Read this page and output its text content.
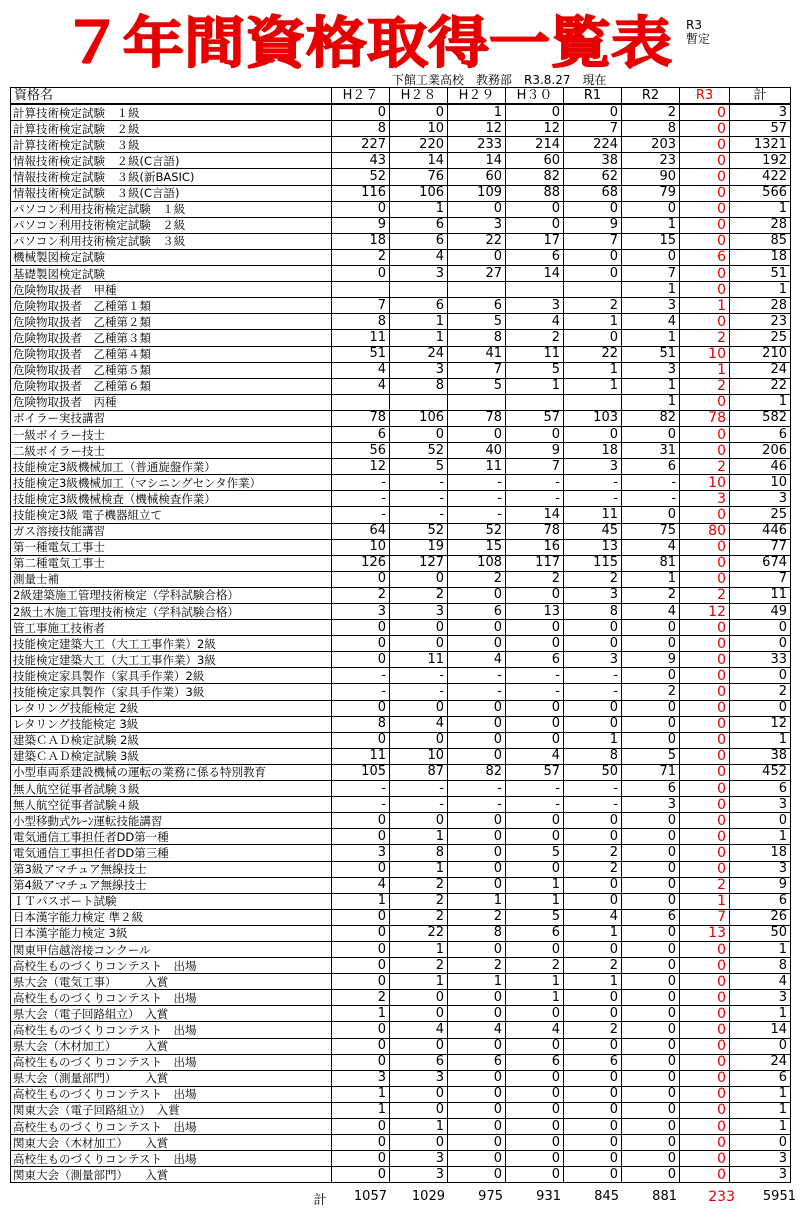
７年間資格取得一覧表 R3
暫定
下館工業高校　教務部　R3.8.27　現在
資格名	H２７	H２８	H２９	H３０	R1	R2	R3	計
計算技術検定試験　１級	0	0	1	0	0	2	0	3
計算技術検定試験　２級	8	10	12	12	7	8	0	57
計算技術検定試験　３級	227	220	233	214	224	203	0	1321
情報技術検定試験　２級(C言語)	43	14	14	60	38	23	0	192
情報技術検定試験　３級(新BASIC)	52	76	60	82	62	90	0	422
情報技術検定試験　３級(C言語)	116	106	109	88	68	79	0	566
パソコン利用技術検定試験　１級	0	1	0	0	0	0	0	1
パソコン利用技術検定試験　２級	9	6	3	0	9	1	0	28
パソコン利用技術検定試験　３級	18	6	22	17	7	15	0	85
機械製図検定試験	2	4	0	6	0	0	6	18
基礎製図検定試験	0	3	27	14	0	7	0	51
危険物取扱者　甲種						1	0	1
危険物取扱者　乙種第１類	7	6	6	3	2	3	1	28
危険物取扱者　乙種第２類	8	1	5	4	1	4	0	23
危険物取扱者　乙種第３類	11	1	8	2	0	1	2	25
危険物取扱者　乙種第４類	51	24	41	11	22	51	10	210
危険物取扱者　乙種第５類	4	3	7	5	1	3	1	24
危険物取扱者　乙種第６類	4	8	5	1	1	1	2	22
危険物取扱者　丙種						1	0	1
ボイラー実技講習	78	106	78	57	103	82	78	582
一級ボイラー技士	6	0	0	0	0	0	0	6
二級ボイラー技士	56	52	40	9	18	31	0	206
技能検定3級機械加工（普通旋盤作業）	12	5	11	7	3	6	2	46
技能検定3級機械加工（マシニングセンタ作業）	-	-	-	-	-	-	10	10
技能検定3級機械検査（機械検査作業）	-	-	-	-	-	-	3	3
技能検定3級 電子機器組立て	-	-	-	14	11	0	0	25
ガス溶接技能講習	64	52	52	78	45	75	80	446
第一種電気工事士	10	19	15	16	13	4	0	77
第二種電気工事士	126	127	108	117	115	81	0	674
測量士補	0	0	2	2	2	1	0	7
2級建築施工管理技術検定（学科試験合格）	2	2	0	0	3	2	2	11
2級土木施工管理技術検定（学科試験合格）	3	3	6	13	8	4	12	49
管工事施工技術者	0	0	0	0	0	0	0	0
技能検定建築大工（大工工事作業）2級	0	0	0	0	0	0	0	0
技能検定建築大工（大工工事作業）3級	0	11	4	6	3	9	0	33
技能検定家具製作（家具手作業）2級	-	-	-	-	-	0	0	0
技能検定家具製作（家具手作業）3級	-	-	-	-	-	2	0	2
レタリング技能検定 2級	0	0	0	0	0	0	0	0
レタリング技能検定 3級	8	4	0	0	0	0	0	12
建築ＣＡＤ検定試験 2級	0	0	0	0	1	0	0	1
建築ＣＡＤ検定試験 3級	11	10	0	4	8	5	0	38
小型車両系建設機械の運転の業務に係る特別教育	105	87	82	57	50	71	0	452
無人航空従事者試験３級	-	-	-	-	-	6	0	6
無人航空従事者試験４級	-	-	-	-	-	3	0	3
小型移動式ｸﾚｰﾝ運転技能講習	0	0	0	0	0	0	0	0
電気通信工事担任者DD第一種	0	1	0	0	0	0	0	1
電気通信工事担任者DD第三種	3	8	0	5	2	0	0	18
第3級アマチュア無線技士	0	1	0	0	2	0	0	3
第4級アマチュア無線技士	4	2	0	1	0	0	2	9
ＩＴパスポート試験	1	2	1	1	0	0	1	6
日本漢字能力検定 準２級	0	2	2	5	4	6	7	26
日本漢字能力検定 3級	0	22	8	6	1	0	13	50
関東甲信越溶接コンクール	0	1	0	0	0	0	0	1
高校生ものづくりコンテスト　出場	0	2	2	2	2	0	0	8
県大会（電気工事）　　　入賞	0	1	1	1	1	0	0	4
高校生ものづくりコンテスト　出場	2	0	0	1	0	0	0	3
県大会（電子回路組立）　入賞	1	0	0	0	0	0	0	1
高校生ものづくりコンテスト　出場	0	4	4	4	2	0	0	14
県大会（木材加工）　　　入賞	0	0	0	0	0	0	0	0
高校生ものづくりコンテスト　出場	0	6	6	6	6	0	0	24
県大会（測量部門）　　　入賞	3	3	0	0	0	0	0	6
高校生ものづくりコンテスト　出場	1	0	0	0	0	0	0	1
関東大会（電子回路組立）　入賞	1	0	0	0	0	0	0	1
高校生ものづくりコンテスト　出場	0	1	0	0	0	0	0	1
関東大会（木材加工）　　入賞	0	0	0	0	0	0	0	0
高校生ものづくりコンテスト　出場	0	3	0	0	0	0	0	3
関東大会（測量部門）　　入賞	0	3	0	0	0	0	0	3
計	1057	1029	975	931	845	881	233	5951
